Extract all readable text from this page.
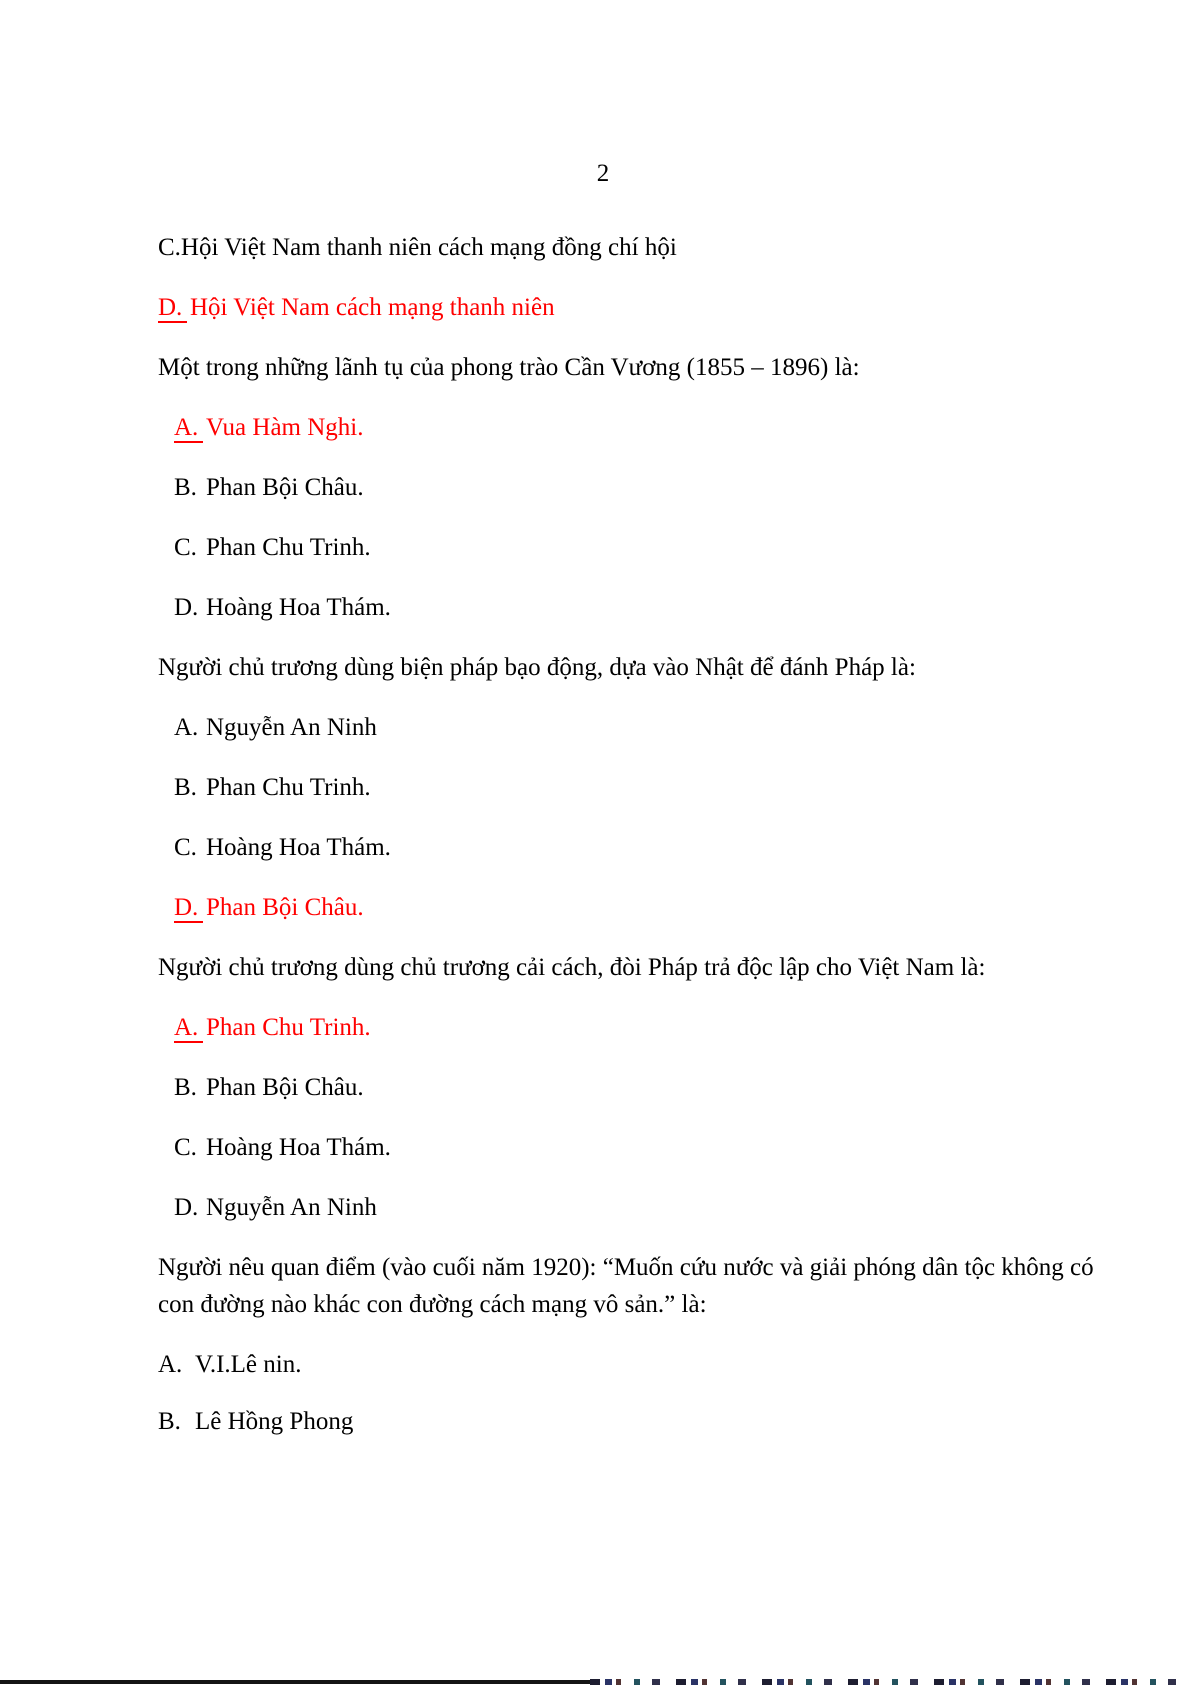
2
C.Hội Việt Nam thanh niên cách mạng đồng chí hội
D. Hội Việt Nam cách mạng thanh niên
Một trong những lãnh tụ của phong trào Cần Vương (1855 – 1896) là:
A. Vua Hàm Nghi.
B. Phan Bội Châu.
C. Phan Chu Trinh.
D. Hoàng Hoa Thám.
Người chủ trương dùng biện pháp bạo động, dựa vào Nhật để đánh Pháp là:
A. Nguyễn An Ninh
B. Phan Chu Trinh.
C. Hoàng Hoa Thám.
D. Phan Bội Châu.
Người chủ trương dùng chủ trương cải cách, đòi Pháp trả độc lập cho Việt Nam là:
A. Phan Chu Trinh.
B. Phan Bội Châu.
C. Hoàng Hoa Thám.
D. Nguyễn An Ninh
Người nêu quan điểm (vào cuối năm 1920): “Muốn cứu nước và giải phóng dân tộc không có
con đường nào khác con đường cách mạng vô sản.” là:
A. V.I.Lê nin.
B. Lê Hồng Phong
